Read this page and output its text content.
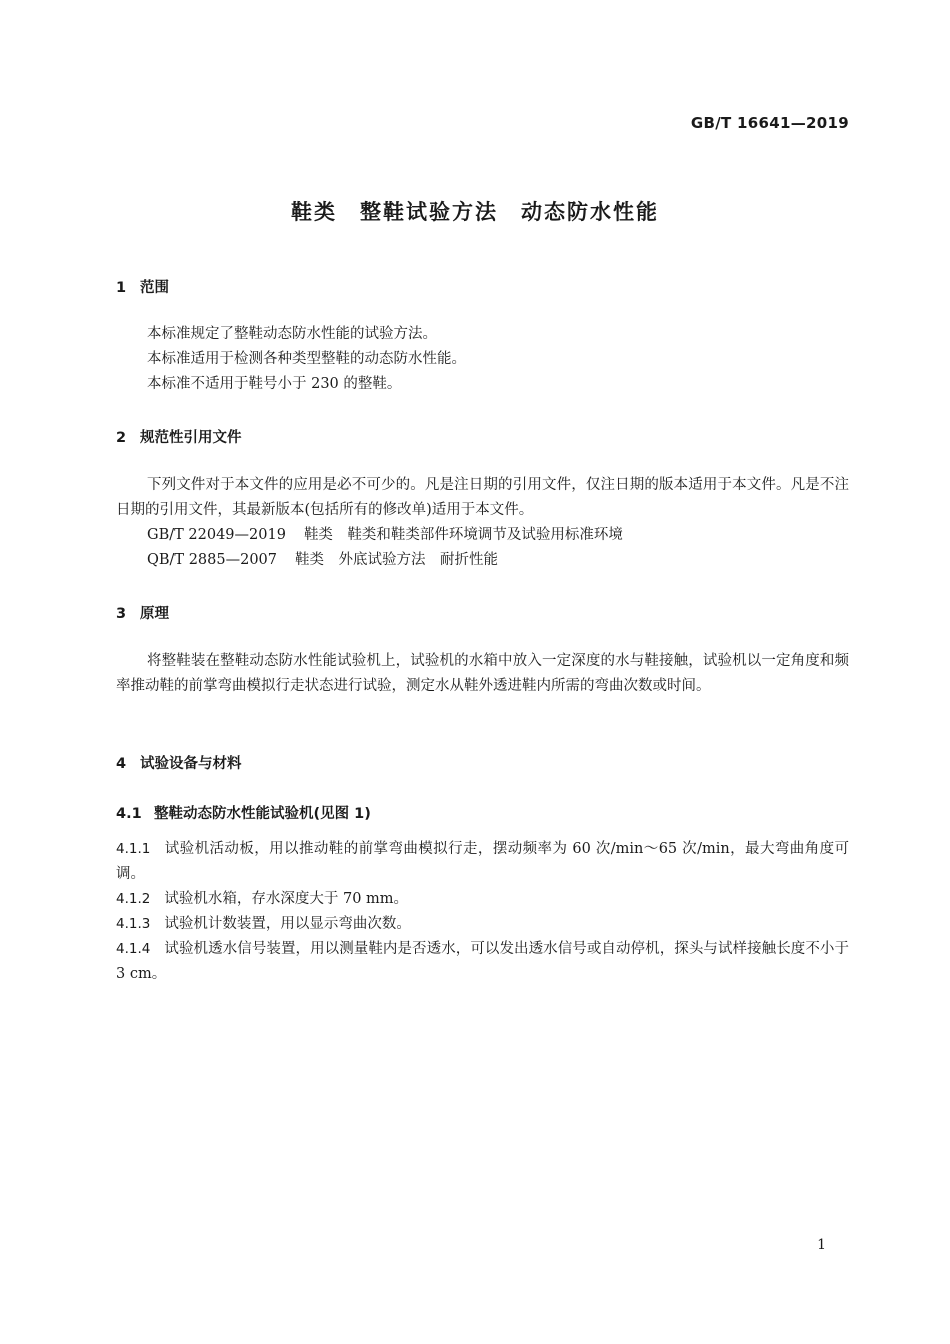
GB/T 16641—2019
鞋类　整鞋试验方法　动态防水性能
1 范围
本标准规定了整鞋动态防水性能的试验方法。
本标准适用于检测各种类型整鞋的动态防水性能。
本标准不适用于鞋号小于 230 的整鞋。
2 规范性引用文件
下列文件对于本文件的应用是必不可少的。凡是注日期的引用文件，仅注日期的版本适用于本文件。凡是不注日期的引用文件，其最新版本(包括所有的修改单)适用于本文件。
GB/T 22049—2019 鞋类　鞋类和鞋类部件环境调节及试验用标准环境
QB/T 2885—2007 鞋类　外底试验方法　耐折性能
3 原理
将整鞋装在整鞋动态防水性能试验机上，试验机的水箱中放入一定深度的水与鞋接触，试验机以一定角度和频率推动鞋的前掌弯曲模拟行走状态进行试验，测定水从鞋外透进鞋内所需的弯曲次数或时间。
4 试验设备与材料
4.1 整鞋动态防水性能试验机(见图 1)
4.1.1 试验机活动板，用以推动鞋的前掌弯曲模拟行走，摆动频率为 60 次/min～65 次/min，最大弯曲角度可调。
4.1.2 试验机水箱，存水深度大于 70 mm。
4.1.3 试验机计数装置，用以显示弯曲次数。
4.1.4 试验机透水信号装置，用以测量鞋内是否透水，可以发出透水信号或自动停机，探头与试样接触长度不小于 3 cm。
1
